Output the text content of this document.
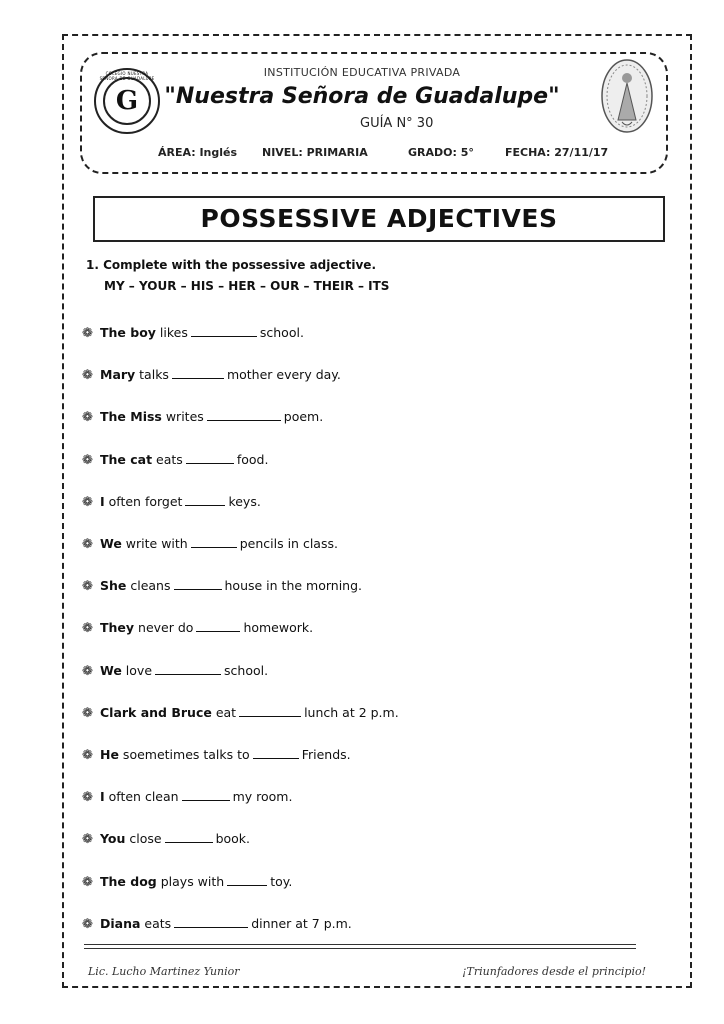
COLEGIO NUESTRA SEÑORA DE GUADALUPE
G
INSTITUCIÓN EDUCATIVA PRIVADA
"Nuestra Señora de Guadalupe"
GUÍA N° 30
ÁREA: Inglés NIVEL: PRIMARIA	GRADO: 5°	FECHA: 27/11/17
POSSESSIVE ADJECTIVES
1. Complete with the possessive adjective.
MY – YOUR – HIS – HER – OUR – THEIR – ITS
❁ The boy likes	school.
❁ Mary talks	mother every day.
❁ The Miss writes	poem.
❁ The cat eats	food.
❁ I often forget	keys.
❁ We write with	pencils in class.
❁ She cleans	house in the morning.
❁ They never do	homework.
❁ We love	school.
❁ Clark and Bruce eat	lunch at 2 p.m.
❁ He soemetimes talks to	Friends.
❁ I often clean	my room.
❁ You close	book.
❁ The dog plays with	toy.
❁ Diana eats	dinner at 7 p.m.
Lic. Lucho Martinez Yunior	¡Triunfadores desde el principio!
